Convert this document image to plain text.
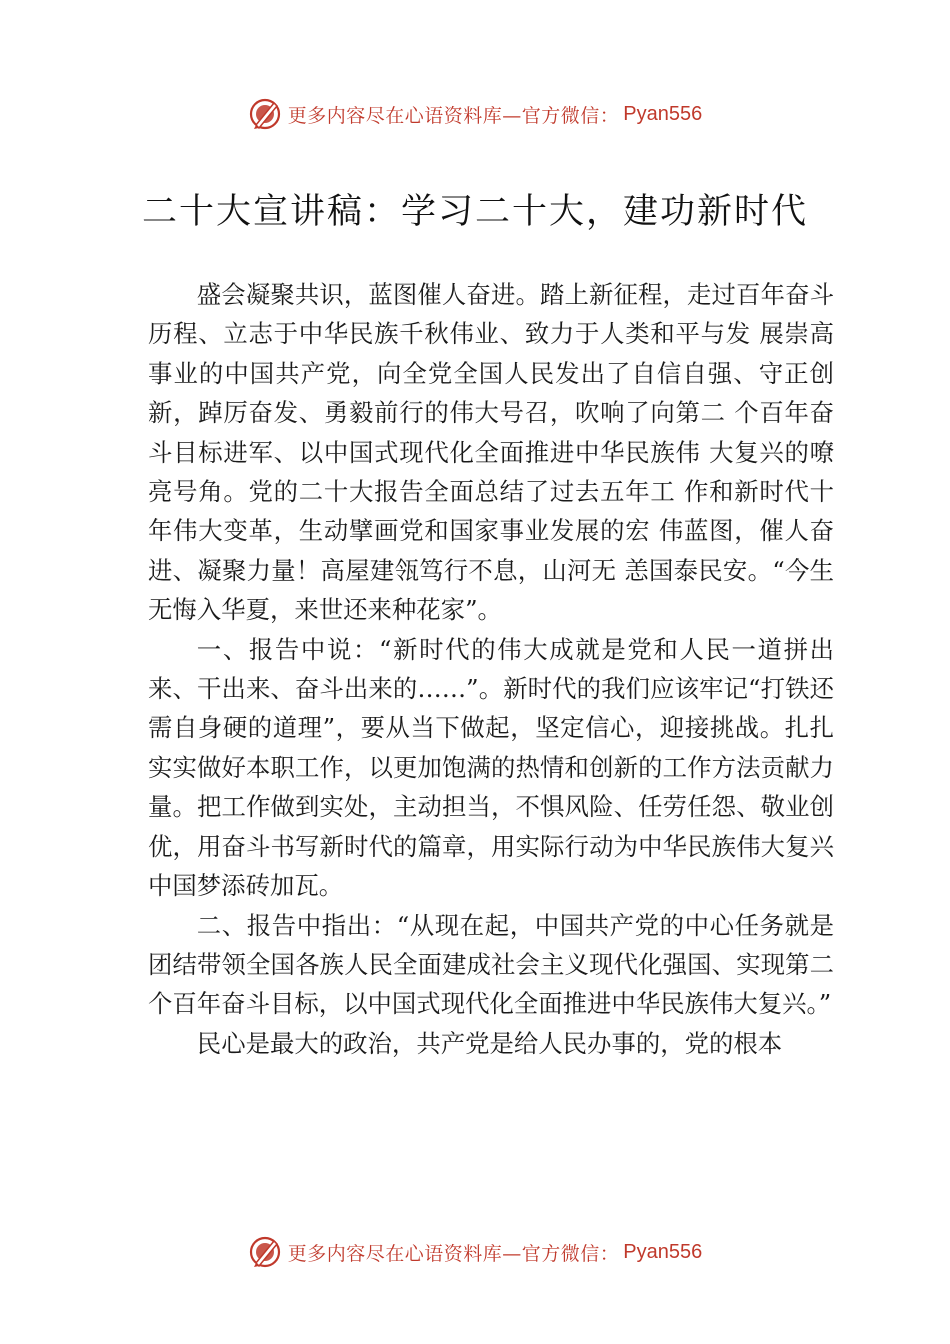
更多内容尽在心语资料库—官方微信： Pyan556
二十大宣讲稿：学习二十大，建功新时代

盛会凝聚共识，蓝图催人奋进。踏上新征程，走过百年奋斗历程、立志于中华民族千秋伟业、致力于人类和平与发 展崇高事业的中国共产党，向全党全国人民发出了自信自强、守正创新，踔厉奋发、勇毅前行的伟大号召，吹响了向第二 个百年奋斗目标进军、以中国式现代化全面推进中华民族伟 大复兴的嘹亮号角。党的二十大报告全面总结了过去五年工 作和新时代十年伟大变革，生动擘画党和国家事业发展的宏 伟蓝图，催人奋进、凝聚力量！高屋建瓴笃行不息，山河无 恙国泰民安。“今生无悔入华夏，来世还来种花家”。

一、报告中说：“新时代的伟大成就是党和人民一道拼出来、干出来、奋斗出来的……”。新时代的我们应该牢记“打铁还需自身硬的道理”，要从当下做起，坚定信心，迎接挑战。扎扎实实做好本职工作，以更加饱满的热情和创新的工作方法贡献力量。把工作做到实处，主动担当，不惧风险、任劳任怨、敬业创优，用奋斗书写新时代的篇章，用实际行动为中华民族伟大复兴中国梦添砖加瓦。

二、报告中指出：“从现在起，中国共产党的中心任务就是团结带领全国各族人民全面建成社会主义现代化强国、实现第二个百年奋斗目标，以中国式现代化全面推进中华民族伟大复兴。”

民心是最大的政治，共产党是给人民办事的，党的根本

更多内容尽在心语资料库—官方微信： Pyan556
